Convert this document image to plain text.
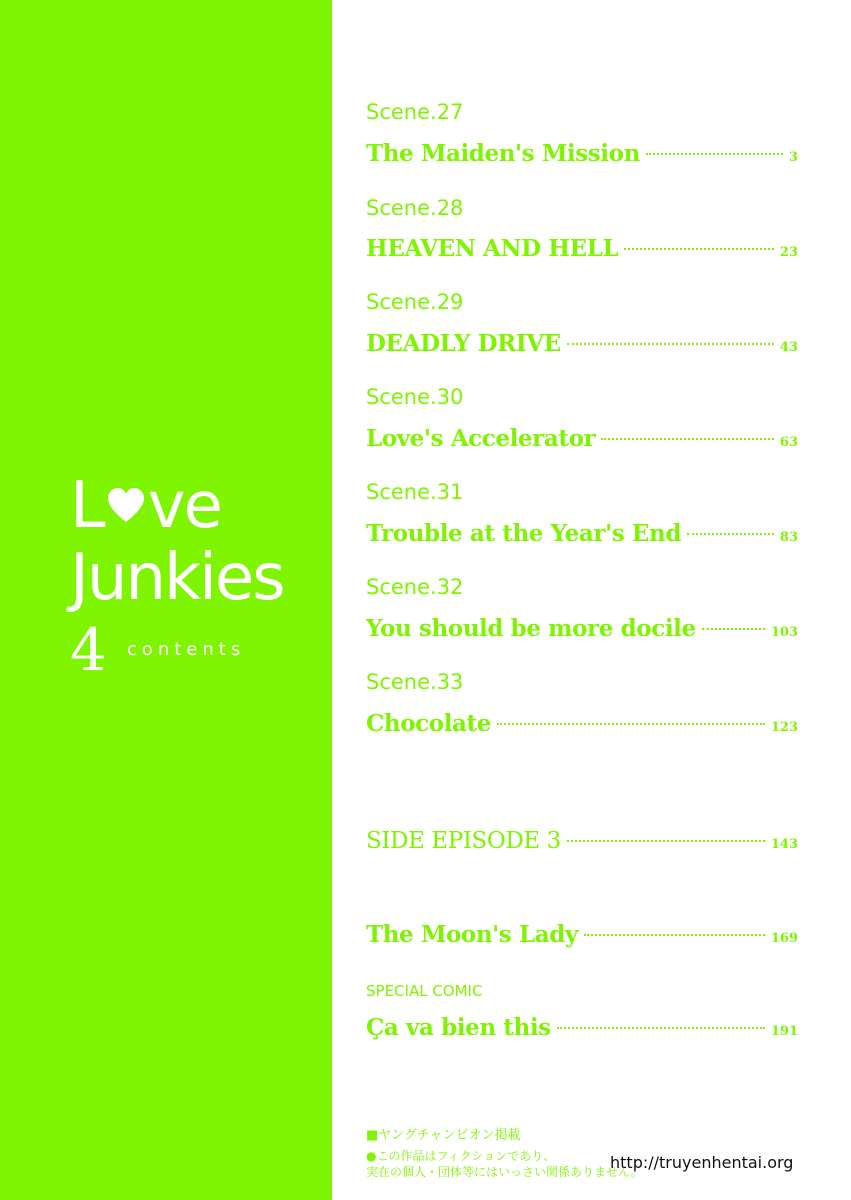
L ve
Junkies
4 contents
Scene.27
The Maiden's Mission	3
Scene.28
HEAVEN AND HELL	23
Scene.29
DEADLY DRIVE	43
Scene.30
Love's Accelerator	63
Scene.31
Trouble at the Year's End	83
Scene.32
You should be more docile	103
Scene.33
Chocolate	123
SIDE EPISODE 3	143
The Moon's Lady	169
SPECIAL COMIC
Ça va bien this	191
■ヤングチャンピオン掲載
●この作品はフィクションであり、
実在の個人・団体等にはいっさい関係ありません。
http://truyenhentai.org
